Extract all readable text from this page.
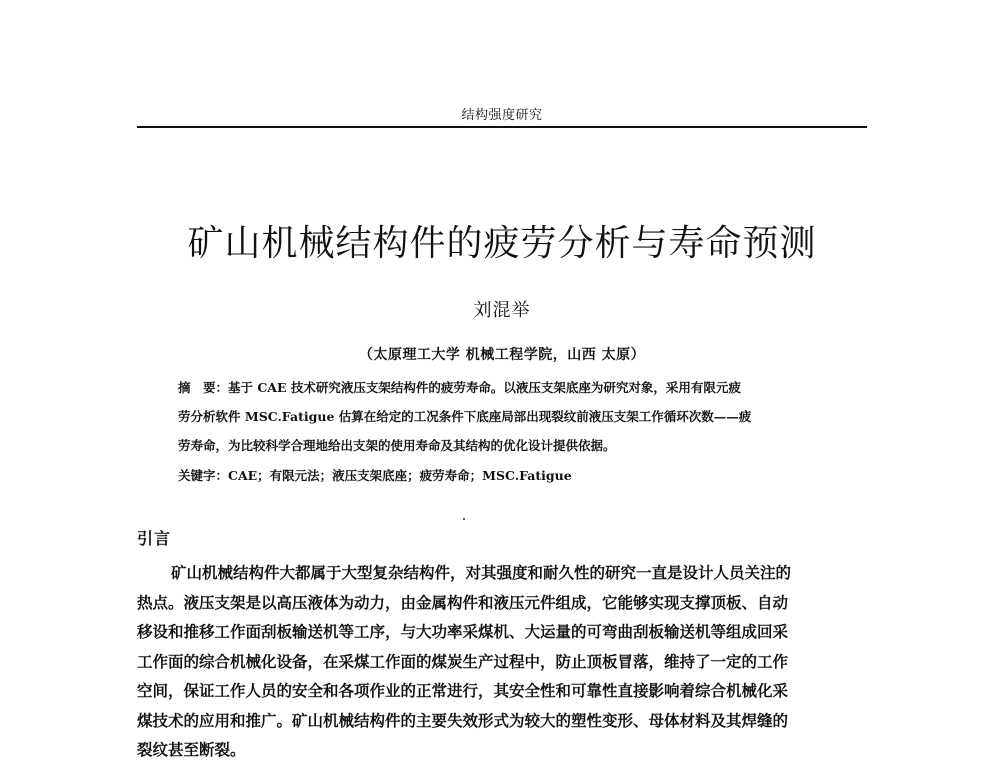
结构强度研究
矿山机械结构件的疲劳分析与寿命预测
刘混举
（太原理工大学 机械工程学院，山西 太原）
摘　要：基于 CAE 技术研究液压支架结构件的疲劳寿命。以液压支架底座为研究对象，采用有限元疲
劳分析软件 MSC.Fatigue 估算在给定的工况条件下底座局部出现裂纹前液压支架工作循环次数——疲
劳寿命，为比较科学合理地给出支架的使用寿命及其结构的优化设计提供依据。
关键字：CAE；有限元法；液压支架底座；疲劳寿命；MSC.Fatigue
引言
矿山机械结构件大都属于大型复杂结构件，对其强度和耐久性的研究一直是设计人员关注的
热点。液压支架是以高压液体为动力，由金属构件和液压元件组成，它能够实现支撑顶板、自动
移设和推移工作面刮板输送机等工序，与大功率采煤机、大运量的可弯曲刮板输送机等组成回采
工作面的综合机械化设备，在采煤工作面的煤炭生产过程中，防止顶板冒落，维持了一定的工作
空间，保证工作人员的安全和各项作业的正常进行，其安全性和可靠性直接影响着综合机械化采
煤技术的应用和推广。矿山机械结构件的主要失效形式为较大的塑性变形、母体材料及其焊缝的
裂纹甚至断裂。
